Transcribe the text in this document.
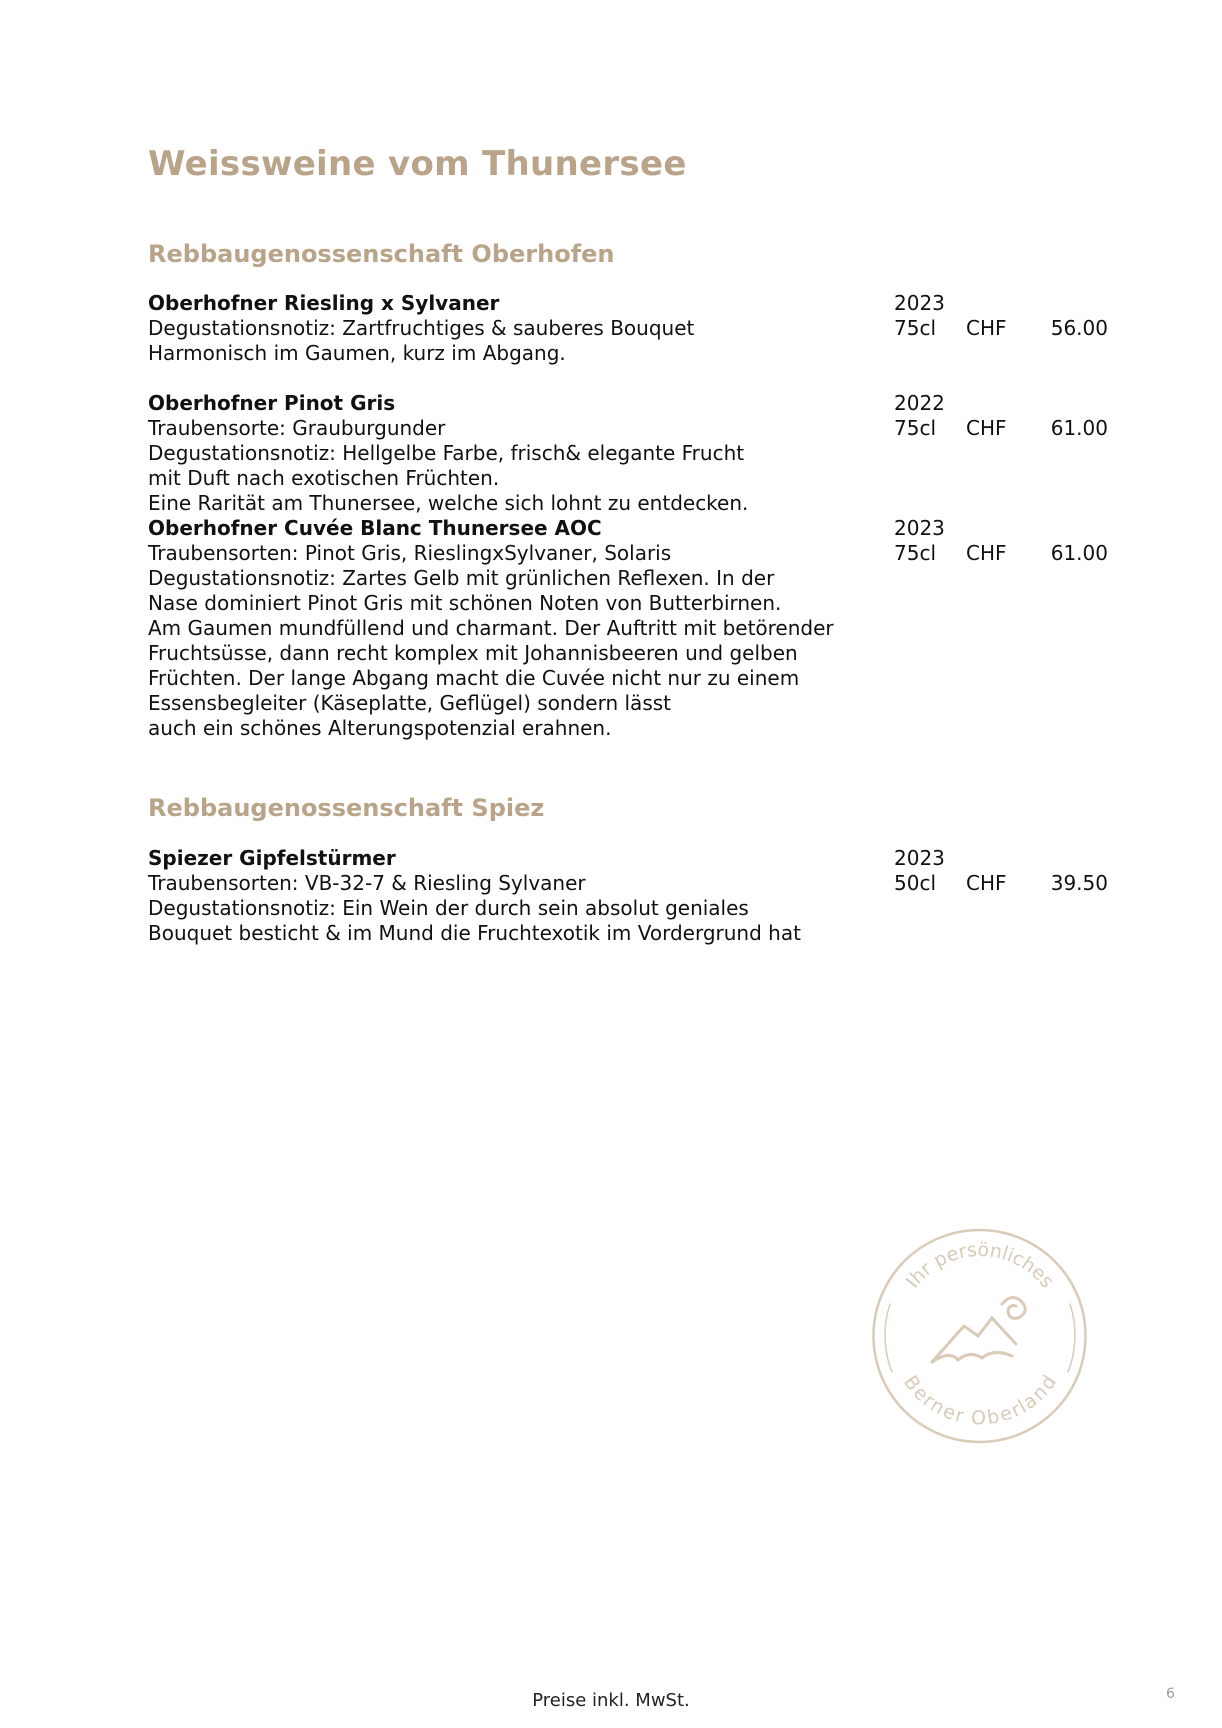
Weissweine vom Thunersee
Rebbaugenossenschaft Oberhofen
Oberhofner Riesling x Sylvaner
Degustationsnotiz: Zartfruchtiges & sauberes Bouquet
Harmonisch im Gaumen, kurz im Abgang.
2023
75cl CHF 56.00
Oberhofner Pinot Gris
Traubensorte: Grauburgunder
Degustationsnotiz: Hellgelbe Farbe, frisch& elegante Frucht
mit Duft nach exotischen Früchten.
Eine Rarität am Thunersee, welche sich lohnt zu entdecken.
2022
75cl CHF 61.00
Oberhofner Cuvée Blanc Thunersee AOC
Traubensorten: Pinot Gris, RieslingxSylvaner, Solaris
Degustationsnotiz: Zartes Gelb mit grünlichen Reflexen. In der
Nase dominiert Pinot Gris mit schönen Noten von Butterbirnen.
Am Gaumen mundfüllend und charmant. Der Auftritt mit betörender
Fruchtsüsse, dann recht komplex mit Johannisbeeren und gelben
Früchten. Der lange Abgang macht die Cuvée nicht nur zu einem
Essensbegleiter (Käseplatte, Geflügel) sondern lässt
auch ein schönes Alterungspotenzial erahnen.
2023
75cl CHF 61.00
Rebbaugenossenschaft Spiez
Spiezer Gipfelstürmer
Traubensorten: VB-32-7 & Riesling Sylvaner
Degustationsnotiz: Ein Wein der durch sein absolut geniales
Bouquet besticht & im Mund die Fruchtexotik im Vordergrund hat
2023
50cl CHF 39.50
Ihr persönliches
Berner Oberland
Preise inkl. MwSt.	6
